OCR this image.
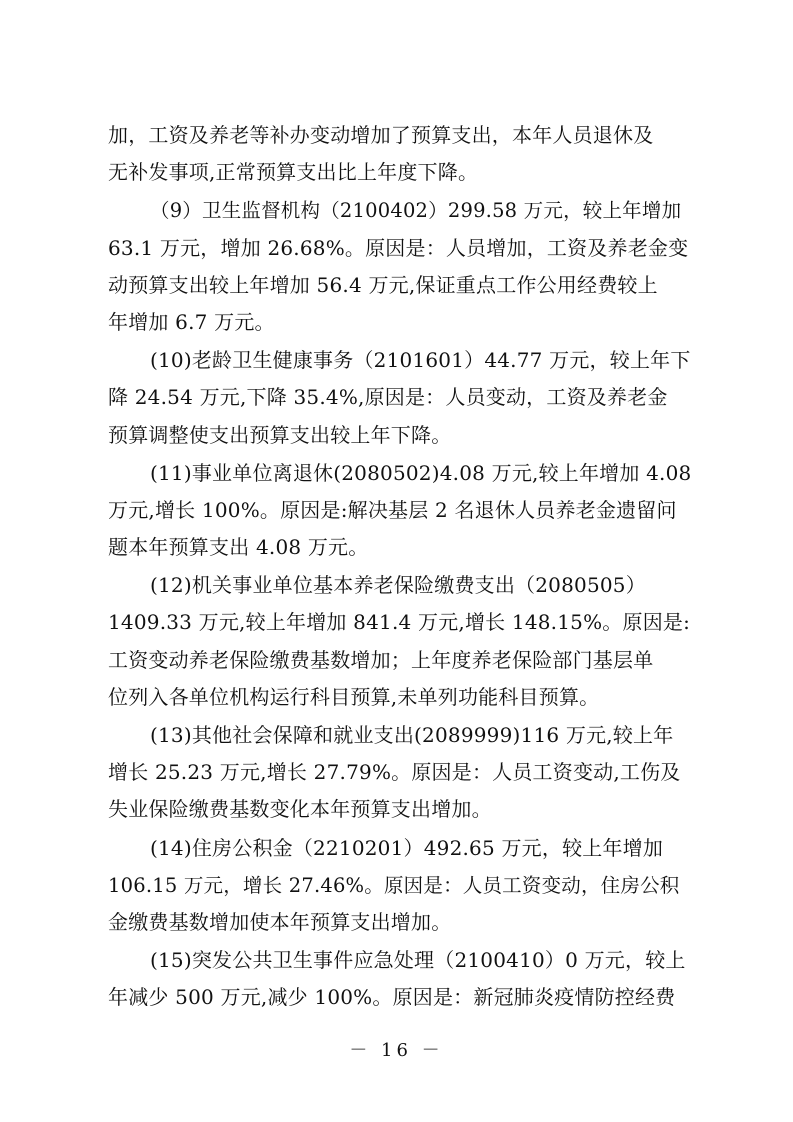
加，工资及养老等补办变动增加了预算支出，本年人员退休及
无补发事项,正常预算支出比上年度下降。
（9）卫生监督机构（2100402）299.58 万元，较上年增加
63.1 万元，增加 26.68%。原因是：人员增加，工资及养老金变
动预算支出较上年增加 56.4 万元,保证重点工作公用经费较上
年增加 6.7 万元。
(10)老龄卫生健康事务（2101601）44.77 万元，较上年下
降 24.54 万元,下降 35.4%,原因是：人员变动，工资及养老金
预算调整使支出预算支出较上年下降。
(11)事业单位离退休(2080502)4.08 万元,较上年增加 4.08
万元,增长 100%。原因是:解决基层 2 名退休人员养老金遗留问
题本年预算支出 4.08 万元。
(12)机关事业单位基本养老保险缴费支出（2080505）
1409.33 万元,较上年增加 841.4 万元,增长 148.15%。原因是:
工资变动养老保险缴费基数增加；上年度养老保险部门基层单
位列入各单位机构运行科目预算,未单列功能科目预算。
(13)其他社会保障和就业支出(2089999)116 万元,较上年
增长 25.23 万元,增长 27.79%。原因是：人员工资变动,工伤及
失业保险缴费基数变化本年预算支出增加。
(14)住房公积金（2210201）492.65 万元，较上年增加
106.15 万元，增长 27.46%。原因是：人员工资变动，住房公积
金缴费基数增加使本年预算支出增加。
(15)突发公共卫生事件应急处理（2100410）0 万元，较上
年减少 500 万元,减少 100%。原因是：新冠肺炎疫情防控经费
－ 16 －
